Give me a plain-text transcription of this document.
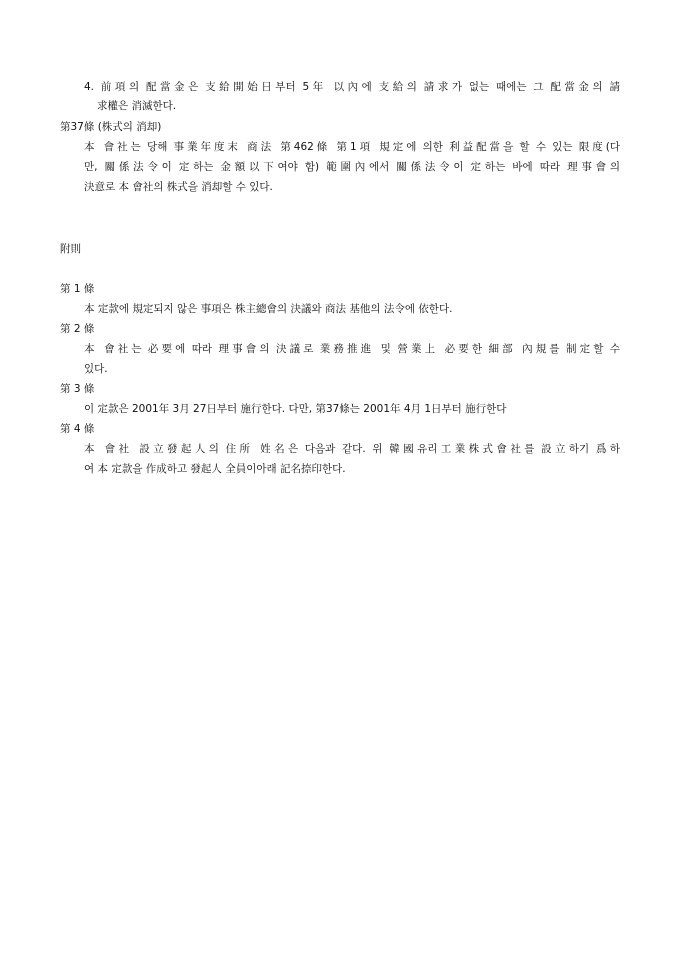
4. 前項의 配當金은 支給開始日부터 5年 以內에 支給의 請求가 없는 때에는 그 配當金의 請
求權은 消滅한다.
第37條 (株式의 消却)
本 會社는 당해 事業年度末 商法 第462條 第1項 規定에 의한 利益配當을 할 수 있는 限度(다
만, 關係法令이 定하는 金額以下여야 함) 範圍內에서 關係法令이 定하는 바에 따라 理事會의
決意로 本 會社의 株式을 消却할 수 있다.
附則
第 1 條
本 定款에 規定되지 않은 事項은 株主總會의 決議와 商法 基他의 法令에 依한다.
第 2 條
本 會社는 必要에 따라 理事會의 決議로 業務推進 및 營業上 必要한 細部 內規를 制定할 수
있다.
第 3 條
이 定款은 2001年 3月 27日부터 施行한다. 다만, 第37條는 2001年 4月 1日부터 施行한다
第 4 條
本 會社 設立發起人의 住所 姓名은 다음과 같다. 위 韓國유리工業株式會社를 設立하기 爲하
여 本 定款을 作成하고 發起人 全員이아래 記名捺印한다.
